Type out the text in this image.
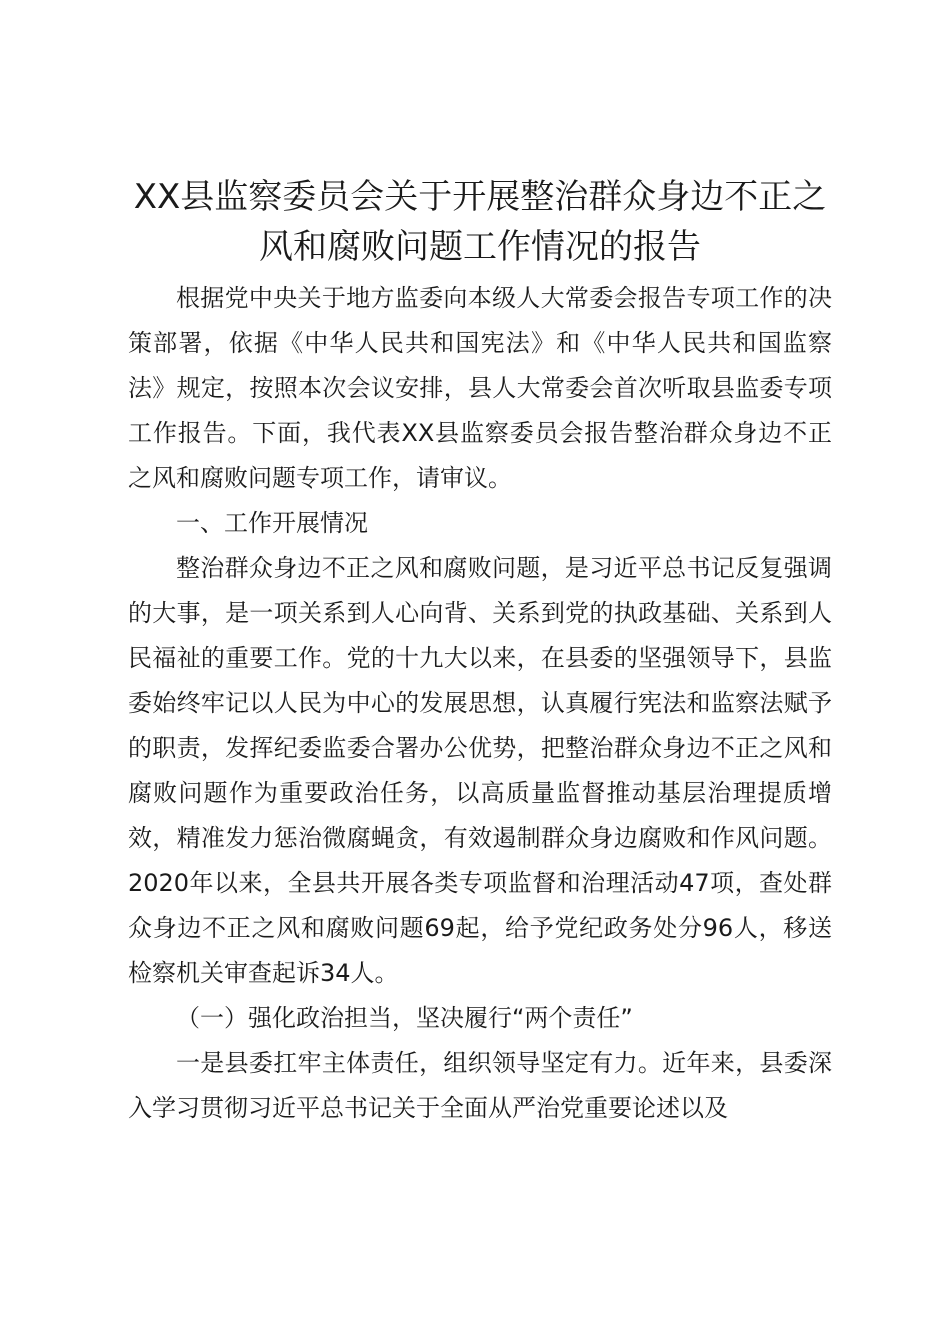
XX县监察委员会关于开展整治群众身边不正之风和腐败问题工作情况的报告

根据党中央关于地方监委向本级人大常委会报告专项工作的决策部署，依据《中华人民共和国宪法》和《中华人民共和国监察法》规定，按照本次会议安排，县人大常委会首次听取县监委专项工作报告。下面，我代表XX县监察委员会报告整治群众身边不正之风和腐败问题专项工作，请审议。

一、工作开展情况

整治群众身边不正之风和腐败问题，是习近平总书记反复强调的大事，是一项关系到人心向背、关系到党的执政基础、关系到人民福祉的重要工作。党的十九大以来，在县委的坚强领导下，县监委始终牢记以人民为中心的发展思想，认真履行宪法和监察法赋予的职责，发挥纪委监委合署办公优势，把整治群众身边不正之风和腐败问题作为重要政治任务，以高质量监督推动基层治理提质增效，精准发力惩治微腐蝇贪，有效遏制群众身边腐败和作风问题。2020年以来，全县共开展各类专项监督和治理活动47项，查处群众身边不正之风和腐败问题69起，给予党纪政务处分96人，移送检察机关审查起诉34人。

（一）强化政治担当，坚决履行“两个责任”

一是县委扛牢主体责任，组织领导坚定有力。近年来，县委深入学习贯彻习近平总书记关于全面从严治党重要论述以及
